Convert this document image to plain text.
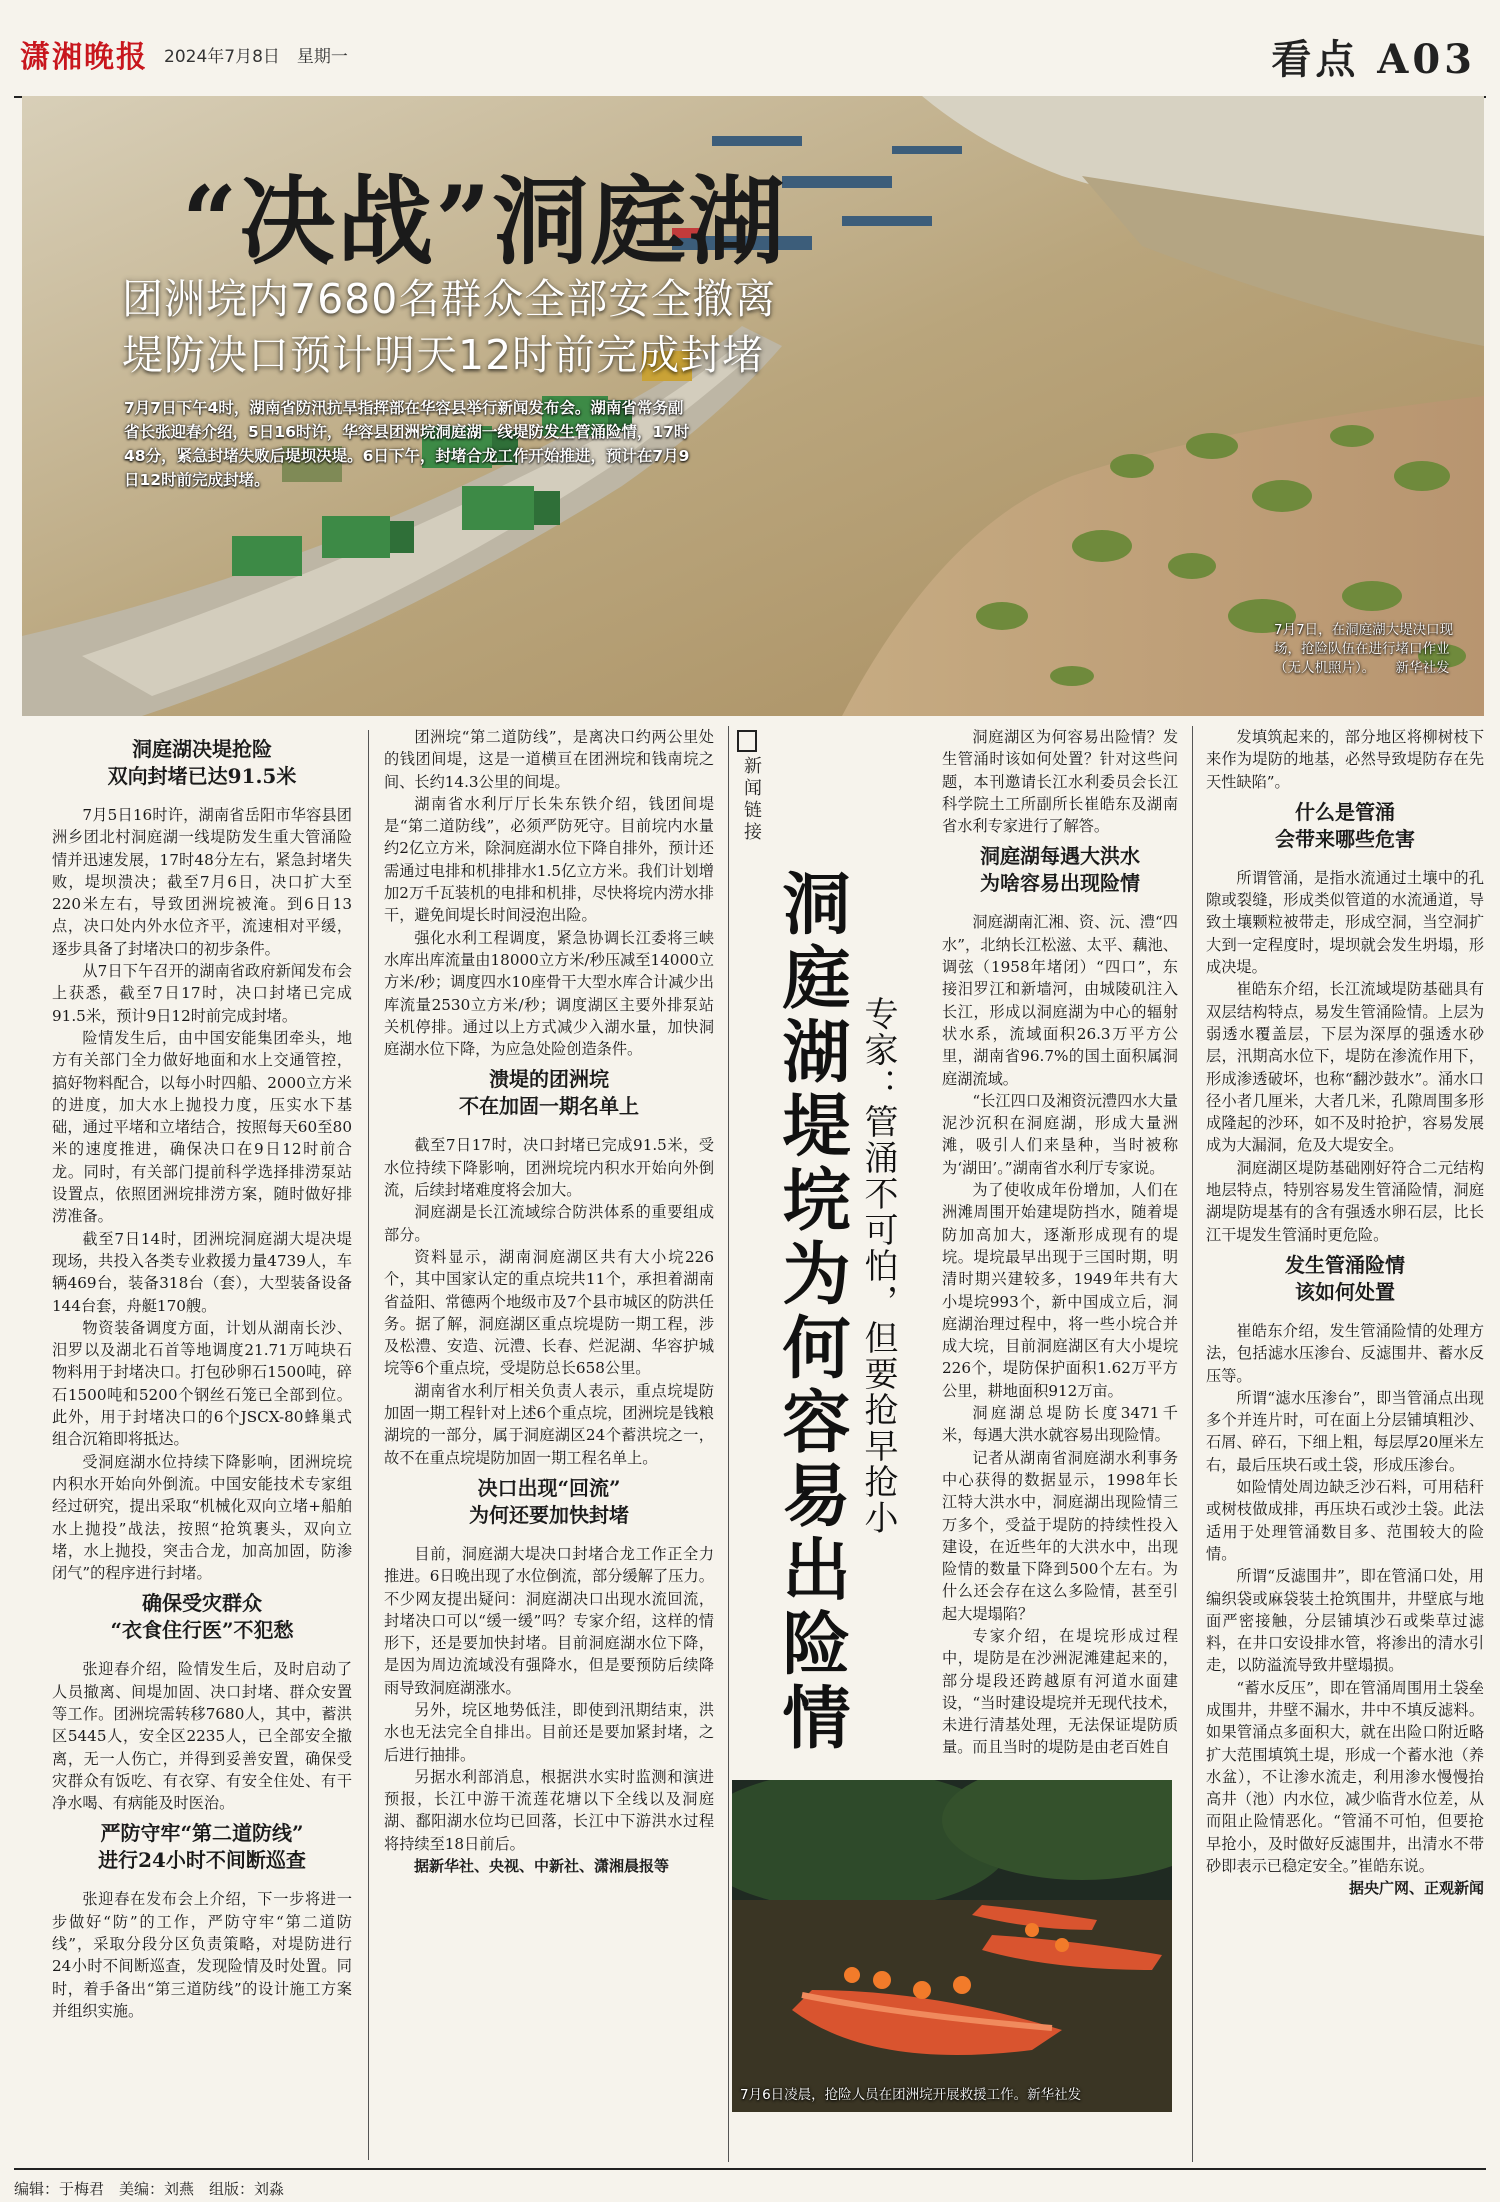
潇湘晚报 2024年7月8日　星期一	看点 A03
“决战”洞庭湖
团洲垸内7680名群众全部安全撤离
堤防决口预计明天12时前完成封堵
7月7日下午4时，湖南省防汛抗旱指挥部在华容县举行新闻发布会。湖南省常务副省长张迎春介绍，5日16时许，华容县团洲垸洞庭湖一线堤防发生管涌险情，17时48分，紧急封堵失败后堤坝决堤。6日下午，封堵合龙工作开始推进，预计在7月9日12时前完成封堵。
7月7日，在洞庭湖大堤决口现场，抢险队伍在进行堵口作业（无人机照片）。　　新华社发
洞庭湖决堤抢险
双向封堵已达91.5米

7月5日16时许，湖南省岳阳市华容县团洲乡团北村洞庭湖一线堤防发生重大管涌险情并迅速发展，17时48分左右，紧急封堵失败，堤坝溃决；截至7月6日，决口扩大至220米左右，导致团洲垸被淹。到6日13点，决口处内外水位齐平，流速相对平缓，逐步具备了封堵决口的初步条件。

从7日下午召开的湖南省政府新闻发布会上获悉，截至7日17时，决口封堵已完成91.5米，预计9日12时前完成封堵。

险情发生后，由中国安能集团牵头，地方有关部门全力做好地面和水上交通管控，搞好物料配合，以每小时四船、2000立方米的进度，加大水上抛投力度，压实水下基础，通过平堵和立堵结合，按照每天60至80米的速度推进，确保决口在9日12时前合龙。同时，有关部门提前科学选择排涝泵站设置点，依照团洲垸排涝方案，随时做好排涝准备。

截至7日14时，团洲垸洞庭湖大堤决堤现场，共投入各类专业救援力量4739人，车辆469台，装备318台（套），大型装备设备144台套，舟艇170艘。

物资装备调度方面，计划从湖南长沙、汨罗以及湖北石首等地调度21.71万吨块石物料用于封堵决口。打包砂卵石1500吨，碎石1500吨和5200个钢丝石笼已全部到位。此外，用于封堵决口的6个JSCX-80蜂巢式组合沉箱即将抵达。

受洞庭湖水位持续下降影响，团洲垸垸内积水开始向外倒流。中国安能技术专家组经过研究，提出采取“机械化双向立堵+船舶水上抛投”战法，按照“抢筑裹头，双向立堵，水上抛投，突击合龙，加高加固，防渗闭气”的程序进行封堵。

确保受灾群众
“衣食住行医”不犯愁

张迎春介绍，险情发生后，及时启动了人员撤离、间堤加固、决口封堵、群众安置等工作。团洲垸需转移7680人，其中，蓄洪区5445人，安全区2235人，已全部安全撤离，无一人伤亡，并得到妥善安置，确保受灾群众有饭吃、有衣穿、有安全住处、有干净水喝、有病能及时医治。

严防守牢“第二道防线”
进行24小时不间断巡查

张迎春在发布会上介绍，下一步将进一步做好“防”的工作，严防守牢“第二道防线”，采取分段分区负责策略，对堤防进行24小时不间断巡查，发现险情及时处置。同时，着手备出“第三道防线”的设计施工方案并组织实施。

团洲垸“第二道防线”，是离决口约两公里处的钱团间堤，这是一道横亘在团洲垸和钱南垸之间、长约14.3公里的间堤。

湖南省水利厅厅长朱东铁介绍，钱团间堤是“第二道防线”，必须严防死守。目前垸内水量约2亿立方米，除洞庭湖水位下降自排外，预计还需通过电排和机排排水1.5亿立方米。我们计划增加2万千瓦装机的电排和机排，尽快将垸内涝水排干，避免间堤长时间浸泡出险。

强化水利工程调度，紧急协调长江委将三峡水库出库流量由18000立方米/秒压减至14000立方米/秒；调度四水10座骨干大型水库合计减少出库流量2530立方米/秒；调度湖区主要外排泵站关机停排。通过以上方式减少入湖水量，加快洞庭湖水位下降，为应急处险创造条件。

溃堤的团洲垸
不在加固一期名单上

截至7日17时，决口封堵已完成91.5米，受水位持续下降影响，团洲垸垸内积水开始向外倒流，后续封堵难度将会加大。

洞庭湖是长江流域综合防洪体系的重要组成部分。

资料显示，湖南洞庭湖区共有大小垸226个，其中国家认定的重点垸共11个，承担着湖南省益阳、常德两个地级市及7个县市城区的防洪任务。据了解，洞庭湖区重点垸堤防一期工程，涉及松澧、安造、沅澧、长春、烂泥湖、华容护城垸等6个重点垸，受堤防总长658公里。

湖南省水利厅相关负责人表示，重点垸堤防加固一期工程针对上述6个重点垸，团洲垸是钱粮湖垸的一部分，属于洞庭湖区24个蓄洪垸之一，故不在重点垸堤防加固一期工程名单上。

决口出现“回流”
为何还要加快封堵

目前，洞庭湖大堤决口封堵合龙工作正全力推进。6日晚出现了水位倒流，部分缓解了压力。不少网友提出疑问：洞庭湖决口出现水流回流，封堵决口可以“缓一缓”吗？专家介绍，这样的情形下，还是要加快封堵。目前洞庭湖水位下降，是因为周边流域没有强降水，但是要预防后续降雨导致洞庭湖涨水。

另外，垸区地势低洼，即使到汛期结束，洪水也无法完全自排出。目前还是要加紧封堵，之后进行抽排。

另据水利部消息，根据洪水实时监测和演进预报，长江中游干流莲花塘以下全线以及洞庭湖、鄱阳湖水位均已回落，长江中下游洪水过程将持续至18日前后。

据新华社、央视、中新社、潇湘晨报等

新闻链接
洞庭湖堤垸为何容易出险情 专家：管涌不可怕，但要抢早抢小

洞庭湖区为何容易出险情？发生管涌时该如何处置？针对这些问题，本刊邀请长江水利委员会长江科学院土工所副所长崔皓东及湖南省水利专家进行了解答。

洞庭湖每遇大洪水
为啥容易出现险情

洞庭湖南汇湘、资、沅、澧“四水”，北纳长江松滋、太平、藕池、调弦（1958年堵闭）“四口”，东接汨罗江和新墙河，由城陵矶注入长江，形成以洞庭湖为中心的辐射状水系，流域面积26.3万平方公里，湖南省96.7%的国土面积属洞庭湖流域。

“长江四口及湘资沅澧四水大量泥沙沉积在洞庭湖，形成大量洲滩，吸引人们来垦种，当时被称为‘湖田’。”湖南省水利厅专家说。

为了使收成年份增加，人们在洲滩周围开始建堤防挡水，随着堤防加高加大，逐渐形成现有的堤垸。堤垸最早出现于三国时期，明清时期兴建较多，1949年共有大小堤垸993个，新中国成立后，洞庭湖治理过程中，将一些小垸合并成大垸，目前洞庭湖区有大小堤垸226个，堤防保护面积1.62万平方公里，耕地面积912万亩。

洞庭湖总堤防长度3471千米，每遇大洪水就容易出现险情。

记者从湖南省洞庭湖水利事务中心获得的数据显示，1998年长江特大洪水中，洞庭湖出现险情三万多个，受益于堤防的持续性投入建设，在近些年的大洪水中，出现险情的数量下降到500个左右。为什么还会存在这么多险情，甚至引起大堤塌陷？

专家介绍，在堤垸形成过程中，堤防是在沙洲泥滩建起来的，部分堤段还跨越原有河道水面建设，“当时建设堤垸并无现代技术，未进行清基处理，无法保证堤防质量。而且当时的堤防是由老百姓自

7月6日凌晨，抢险人员在团洲垸开展救援工作。新华社发

发填筑起来的，部分地区将柳树枝下来作为堤防的地基，必然导致堤防存在先天性缺陷”。

什么是管涌
会带来哪些危害

所谓管涌，是指水流通过土壤中的孔隙或裂缝，形成类似管道的水流通道，导致土壤颗粒被带走，形成空洞，当空洞扩大到一定程度时，堤坝就会发生坍塌，形成决堤。

崔皓东介绍，长江流域堤防基础具有双层结构特点，易发生管涌险情。上层为弱透水覆盖层，下层为深厚的强透水砂层，汛期高水位下，堤防在渗流作用下，形成渗透破坏，也称“翻沙鼓水”。涌水口径小者几厘米，大者几米，孔隙周围多形成隆起的沙环，如不及时抢护，容易发展成为大漏洞，危及大堤安全。

洞庭湖区堤防基础刚好符合二元结构地层特点，特别容易发生管涌险情，洞庭湖堤防堤基有的含有强透水卵石层，比长江干堤发生管涌时更危险。

发生管涌险情
该如何处置

崔皓东介绍，发生管涌险情的处理方法，包括滤水压渗台、反滤围井、蓄水反压等。

所谓“滤水压渗台”，即当管涌点出现多个并连片时，可在面上分层铺填粗沙、石屑、碎石，下细上粗，每层厚20厘米左右，最后压块石或土袋，形成压渗台。

如险情处周边缺乏沙石料，可用秸秆或树枝做成排，再压块石或沙土袋。此法适用于处理管涌数目多、范围较大的险情。

所谓“反滤围井”，即在管涌口处，用编织袋或麻袋装土抢筑围井，井壁底与地面严密接触，分层铺填沙石或柴草过滤料，在井口安设排水管，将渗出的清水引走，以防溢流导致井壁塌损。

“蓄水反压”，即在管涌周围用土袋垒成围井，井壁不漏水，井中不填反滤料。如果管涌点多面积大，就在出险口附近略扩大范围填筑土堤，形成一个蓄水池（养水盆），不让渗水流走，利用渗水慢慢抬高井（池）内水位，减少临背水位差，从而阻止险情恶化。“管涌不可怕，但要抢早抢小，及时做好反滤围井，出清水不带砂即表示已稳定安全。”崔皓东说。

据央广网、正观新闻

编辑：于梅君　美编：刘燕　组版：刘淼
